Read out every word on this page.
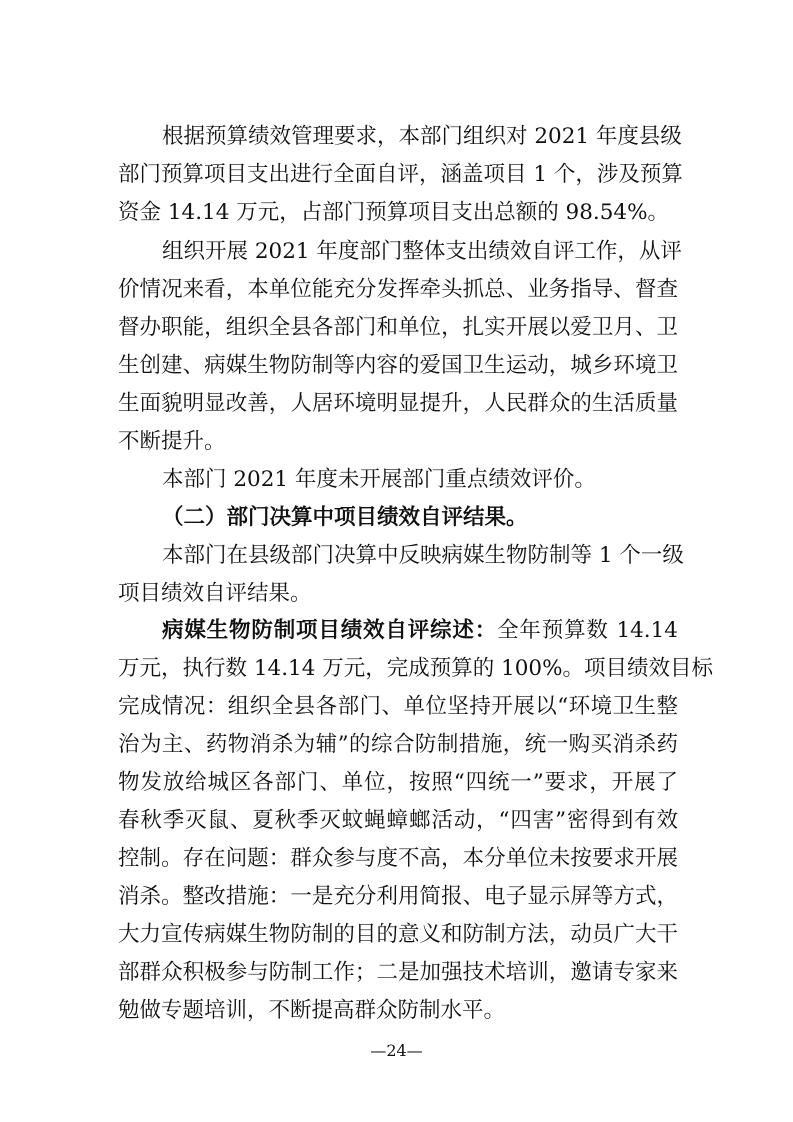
根据预算绩效管理要求，本部门组织对 2021 年度县级
部门预算项目支出进行全面自评，涵盖项目 1 个，涉及预算
资金 14.14 万元，占部门预算项目支出总额的 98.54%。
组织开展 2021 年度部门整体支出绩效自评工作，从评
价情况来看，本单位能充分发挥牵头抓总、业务指导、督查
督办职能，组织全县各部门和单位，扎实开展以爱卫月、卫
生创建、病媒生物防制等内容的爱国卫生运动，城乡环境卫
生面貌明显改善，人居环境明显提升，人民群众的生活质量
不断提升。
本部门 2021 年度未开展部门重点绩效评价。
（二）部门决算中项目绩效自评结果。
本部门在县级部门决算中反映病媒生物防制等 1 个一级
项目绩效自评结果。
病媒生物防制项目绩效自评综述：全年预算数 14.14
万元，执行数 14.14 万元，完成预算的 100%。项目绩效目标
完成情况：组织全县各部门、单位坚持开展以“环境卫生整
治为主、药物消杀为辅”的综合防制措施，统一购买消杀药
物发放给城区各部门、单位，按照“四统一”要求，开展了
春秋季灭鼠、夏秋季灭蚊蝇蟑螂活动，“四害”密得到有效
控制。存在问题：群众参与度不高，本分单位未按要求开展
消杀。整改措施：一是充分利用简报、电子显示屏等方式，
大力宣传病媒生物防制的目的意义和防制方法，动员广大干
部群众积极参与防制工作；二是加强技术培训，邀请专家来
勉做专题培训，不断提高群众防制水平。
—24—
